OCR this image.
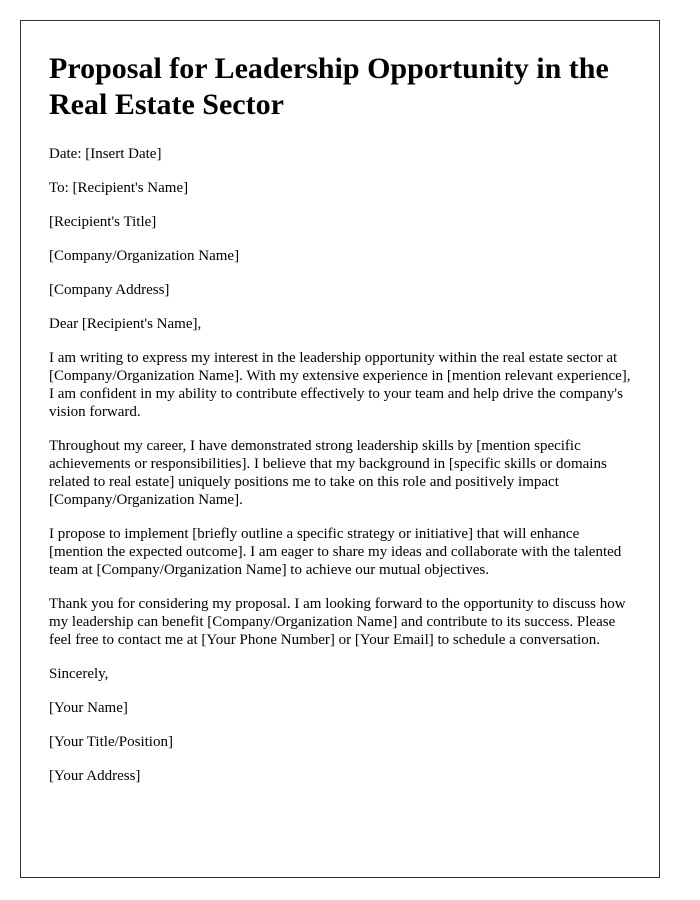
Proposal for Leadership Opportunity in the Real Estate Sector
Date: [Insert Date]
To: [Recipient's Name]
[Recipient's Title]
[Company/Organization Name]
[Company Address]
Dear [Recipient's Name],

I am writing to express my interest in the leadership opportunity within the real estate sector at [Company/Organization Name]. With my extensive experience in [mention relevant experience], I am confident in my ability to contribute effectively to your team and help drive the company's vision forward.

Throughout my career, I have demonstrated strong leadership skills by [mention specific achievements or responsibilities]. I believe that my background in [specific skills or domains related to real estate] uniquely positions me to take on this role and positively impact [Company/Organization Name].

I propose to implement [briefly outline a specific strategy or initiative] that will enhance [mention the expected outcome]. I am eager to share my ideas and collaborate with the talented team at [Company/Organization Name] to achieve our mutual objectives.

Thank you for considering my proposal. I am looking forward to the opportunity to discuss how my leadership can benefit [Company/Organization Name] and contribute to its success. Please feel free to contact me at [Your Phone Number] or [Your Email] to schedule a conversation.

Sincerely,
[Your Name]
[Your Title/Position]
[Your Address]
